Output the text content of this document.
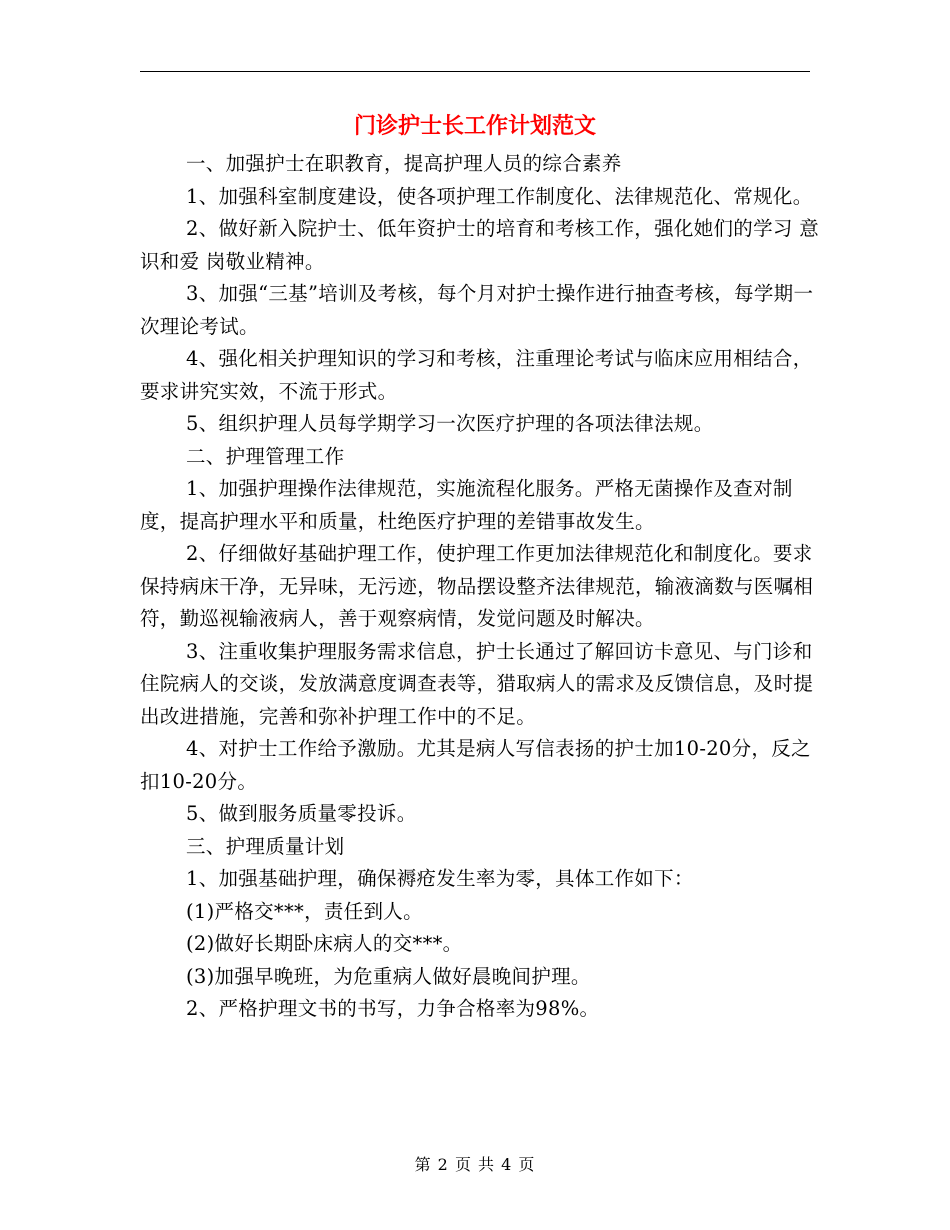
门诊护士长工作计划范文

一、加强护士在职教育，提高护理人员的综合素养

1、加强科室制度建设，使各项护理工作制度化、法律规范化、常规化。

2、做好新入院护士、低年资护士的培育和考核工作，强化她们的学习 意识和爱 岗敬业精神。

3、加强“三基”培训及考核，每个月对护士操作进行抽查考核，每学期一次理论考试。

4、强化相关护理知识的学习和考核，注重理论考试与临床应用相结合，要求讲究实效，不流于形式。

5、组织护理人员每学期学习一次医疗护理的各项法律法规。

二、护理管理工作

1、加强护理操作法律规范，实施流程化服务。严格无菌操作及查对制度，提高护理水平和质量，杜绝医疗护理的差错事故发生。

2、仔细做好基础护理工作，使护理工作更加法律规范化和制度化。要求保持病床干净，无异味，无污迹，物品摆设整齐法律规范，输液滴数与医嘱相符，勤巡视输液病人，善于观察病情，发觉问题及时解决。

3、注重收集护理服务需求信息，护士长通过了解回访卡意见、与门诊和住院病人的交谈，发放满意度调查表等，猎取病人的需求及反馈信息，及时提出改进措施，完善和弥补护理工作中的不足。

4、对护士工作给予激励。尤其是病人写信表扬的护士加10-20分，反之扣10-20分。

5、做到服务质量零投诉。

三、护理质量计划

1、加强基础护理，确保褥疮发生率为零，具体工作如下：

(1)严格交***，责任到人。

(2)做好长期卧床病人的交***。

(3)加强早晚班，为危重病人做好晨晚间护理。

2、严格护理文书的书写，力争合格率为98%。

第 2 页 共 4 页
